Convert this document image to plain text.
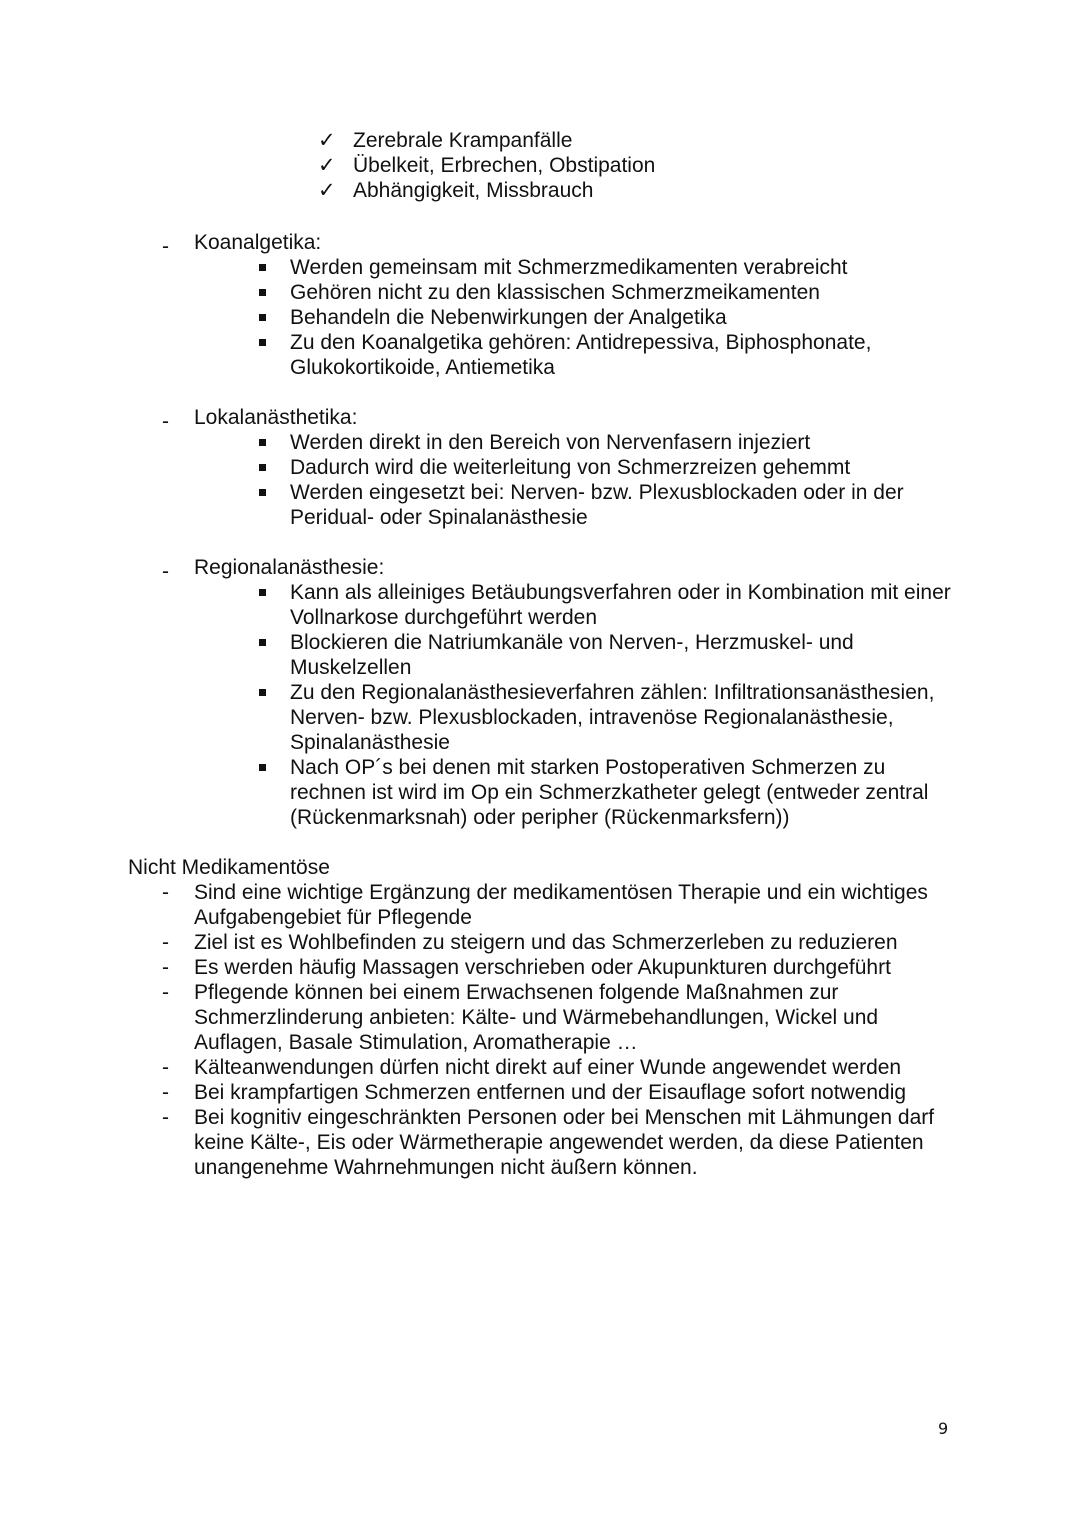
✓ Zerebrale Krampanfälle
✓ Übelkeit, Erbrechen, Obstipation
✓ Abhängigkeit, Missbrauch
- Koanalgetika:
Werden gemeinsam mit Schmerzmedikamenten verabreicht
Gehören nicht zu den klassischen Schmerzmeikamenten
Behandeln die Nebenwirkungen der Analgetika
Zu den Koanalgetika gehören: Antidrepessiva, Biphosphonate, Glukokortikoide, Antiemetika
- Lokalanästhetika:
Werden direkt in den Bereich von Nervenfasern injeziert
Dadurch wird die weiterleitung von Schmerzreizen gehemmt
Werden eingesetzt bei: Nerven- bzw. Plexusblockaden oder in der Peridual- oder Spinalanästhesie
- Regionalanästhesie:
Kann als alleiniges Betäubungsverfahren oder in Kombination mit einer Vollnarkose durchgeführt werden
Blockieren die Natriumkanäle von Nerven-, Herzmuskel- und Muskelzellen
Zu den Regionalanästhesieverfahren zählen: Infiltrationsanästhesien, Nerven- bzw. Plexusblockaden, intravenöse Regionalanästhesie, Spinalanästhesie
Nach OP´s bei denen mit starken Postoperativen Schmerzen zu rechnen ist wird im Op ein Schmerzkatheter gelegt (entweder zentral (Rückenmarksnah) oder peripher (Rückenmarksfern))
Nicht Medikamentöse
- Sind eine wichtige Ergänzung der medikamentösen Therapie und ein wichtiges Aufgabengebiet für Pflegende
- Ziel ist es Wohlbefinden zu steigern und das Schmerzerleben zu reduzieren
- Es werden häufig Massagen verschrieben oder Akupunkturen durchgeführt
- Pflegende können bei einem Erwachsenen folgende Maßnahmen zur Schmerzlinderung anbieten: Kälte- und Wärmebehandlungen, Wickel und Auflagen, Basale Stimulation, Aromatherapie …
- Kälteanwendungen dürfen nicht direkt auf einer Wunde angewendet werden
- Bei krampfartigen Schmerzen entfernen und der Eisauflage sofort notwendig
- Bei kognitiv eingeschränkten Personen oder bei Menschen mit Lähmungen darf keine Kälte-, Eis oder Wärmetherapie angewendet werden, da diese Patienten unangenehme Wahrnehmungen nicht äußern können.
9
